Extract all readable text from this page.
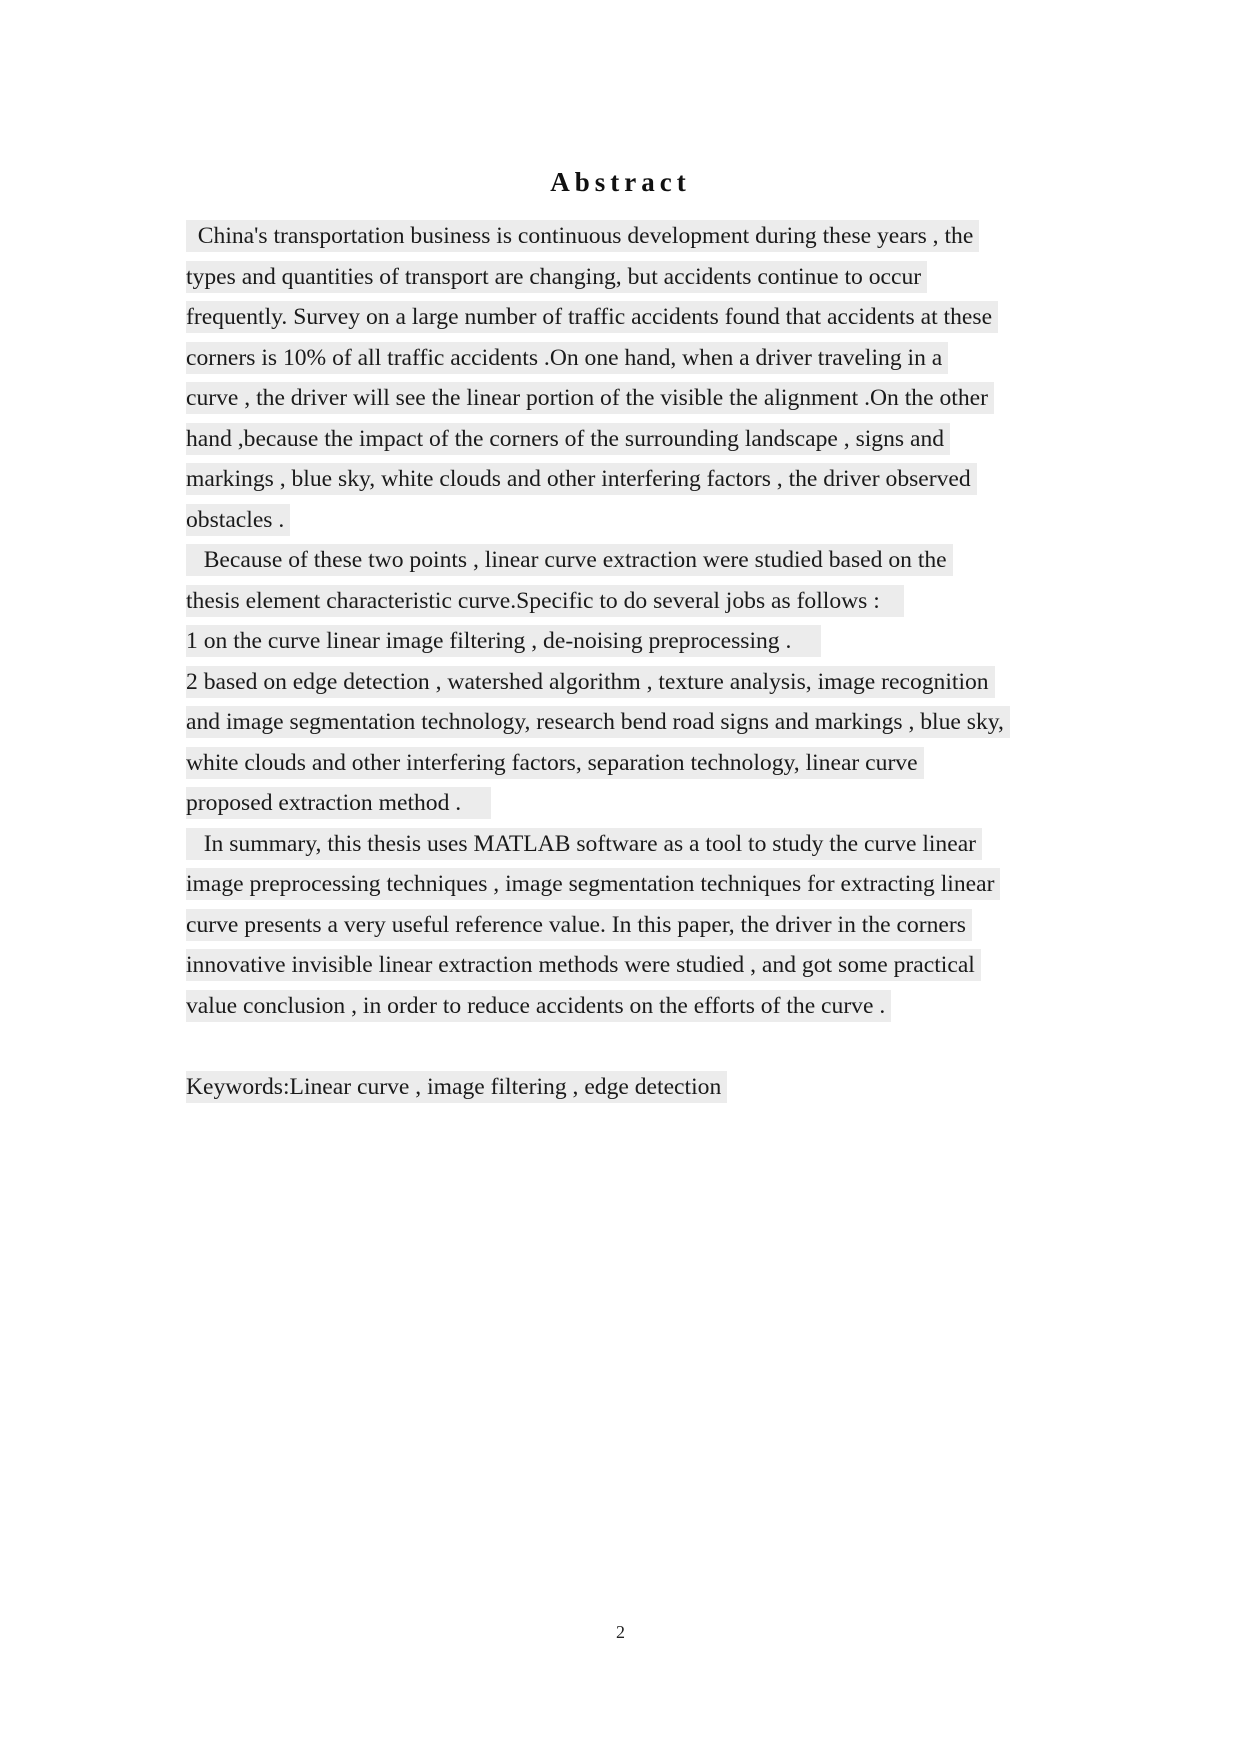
Abstract
China's transportation business is continuous development during these years , the
types and quantities of transport are changing, but accidents continue to occur
frequently. Survey on a large number of traffic accidents found that accidents at these
corners is 10% of all traffic accidents .On one hand, when a driver traveling in a
curve , the driver will see the linear portion of the visible the alignment .On the other
hand ,because the impact of the corners of the surrounding landscape , signs and
markings , blue sky, white clouds and other interfering factors , the driver observed
obstacles .
Because of these two points , linear curve extraction were studied based on the
thesis element characteristic curve.Specific to do several jobs as follows :
1 on the curve linear image filtering , de-noising preprocessing .
2 based on edge detection , watershed algorithm , texture analysis, image recognition
and image segmentation technology, research bend road signs and markings , blue sky,
white clouds and other interfering factors, separation technology, linear curve
proposed extraction method .
In summary, this thesis uses MATLAB software as a tool to study the curve linear
image preprocessing techniques , image segmentation techniques for extracting linear
curve presents a very useful reference value. In this paper, the driver in the corners
innovative invisible linear extraction methods were studied , and got some practical
value conclusion , in order to reduce accidents on the efforts of the curve .
Keywords:Linear curve , image filtering , edge detection
2
